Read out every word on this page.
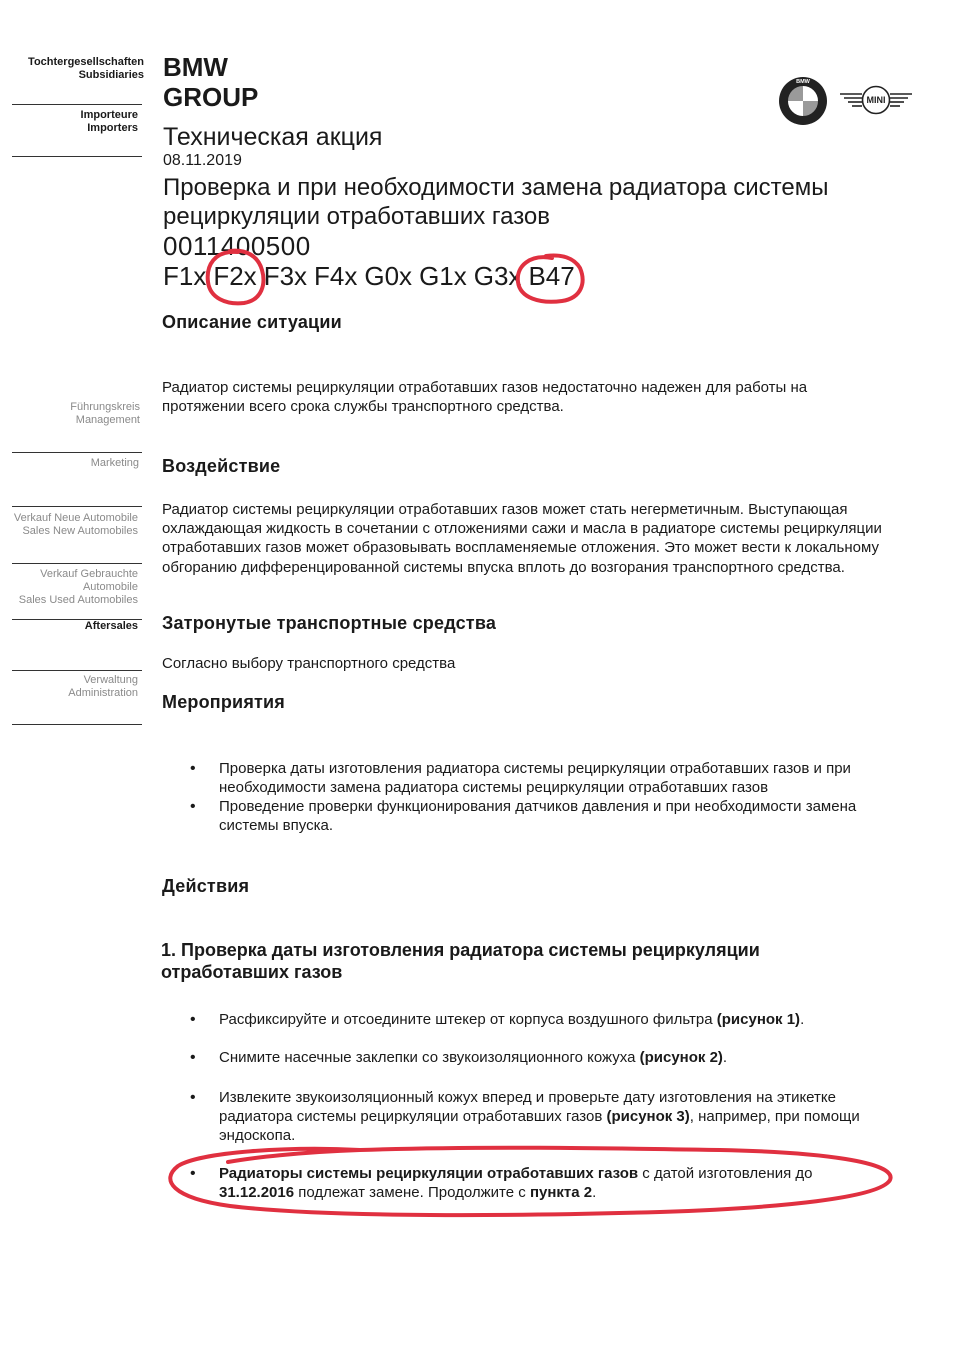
Tochtergesellschaften
Subsidiaries
Importeure
Importers
Führungskreis
Management
Marketing
Verkauf Neue Automobile
Sales New Automobiles
Verkauf Gebrauchte
Automobile
Sales Used Automobiles
Aftersales
Verwaltung
Administration
BMW
GROUP	BMW
MINI
Техническая акция
08.11.2019
Проверка и при необходимости замена радиатора системы рециркуляции отработавших газов
0011400500
F1x F2x F3x F4x G0x G1x G3x B47
Описание ситуации
Радиатор системы рециркуляции отработавших газов недостаточно надежен для работы на протяжении всего срока службы транспортного средства.
Воздействие
Радиатор системы рециркуляции отработавших газов может стать негерметичным. Выступающая охлаждающая жидкость в сочетании с отложениями сажи и масла в радиаторе системы рециркуляции отработавших газов может образовывать воспламеняемые отложения. Это может вести к локальному обгоранию дифференцированной системы впуска вплоть до возгорания транспортного средства.
Затронутые транспортные средства
Согласно выбору транспортного средства
Мероприятия
• Проверка даты изготовления радиатора системы рециркуляции отработавших газов и при необходимости замена радиатора системы рециркуляции отработавших газов
• Проведение проверки функционирования датчиков давления и при необходимости замена системы впуска.
Действия
1. Проверка даты изготовления радиатора системы рециркуляции отработавших газов
• Расфиксируйте и отсоедините штекер от корпуса воздушного фильтра (рисунок 1).
• Снимите насечные заклепки со звукоизоляционного кожуха (рисунок 2).
• Извлеките звукоизоляционный кожух вперед и проверьте дату изготовления на этикетке радиатора системы рециркуляции отработавших газов (рисунок 3), например, при помощи эндоскопа.
• Радиаторы системы рециркуляции отработавших газов с датой изготовления до 31.12.2016 подлежат замене. Продолжите с пункта 2.
